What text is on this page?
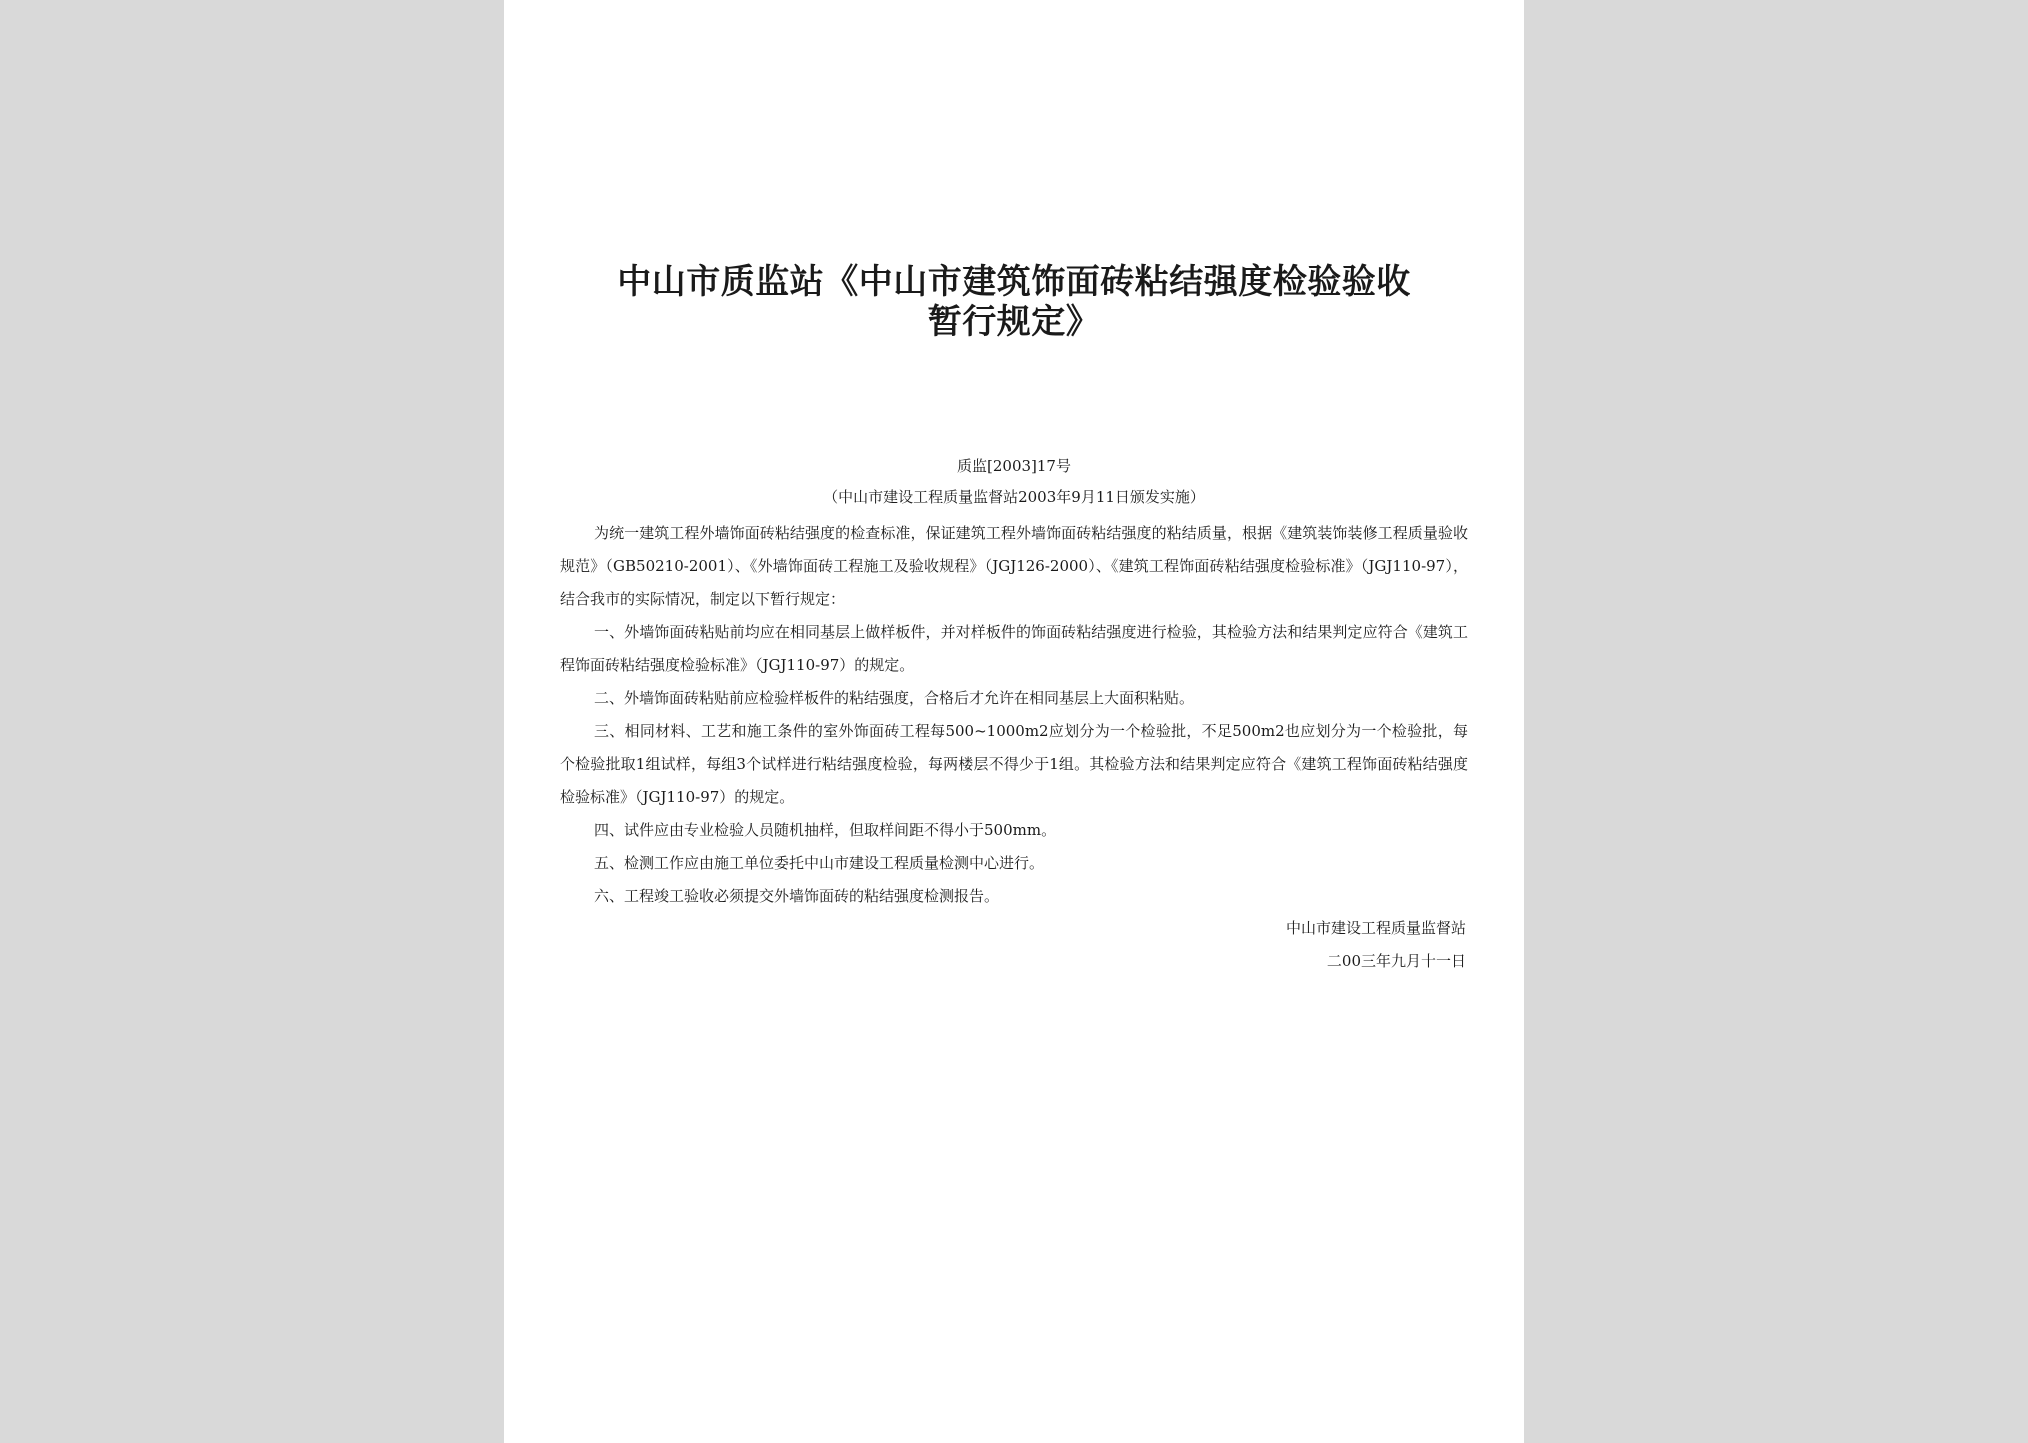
中山市质监站《中山市建筑饰面砖粘结强度检验验收
暂行规定》
质监[2003]17号
（中山市建设工程质量监督站2003年9月11日颁发实施）

为统一建筑工程外墙饰面砖粘结强度的检查标准，保证建筑工程外墙饰面砖粘结强度的粘结质量，根据《建筑装饰装修工程质量验收规范》（GB50210-2001）、《外墙饰面砖工程施工及验收规程》（JGJ126-2000）、《建筑工程饰面砖粘结强度检验标准》（JGJ110-97），结合我市的实际情况，制定以下暂行规定：

一、外墙饰面砖粘贴前均应在相同基层上做样板件，并对样板件的饰面砖粘结强度进行检验，其检验方法和结果判定应符合《建筑工程饰面砖粘结强度检验标准》（JGJ110-97）的规定。

二、外墙饰面砖粘贴前应检验样板件的粘结强度，合格后才允许在相同基层上大面积粘贴。

三、相同材料、工艺和施工条件的室外饰面砖工程每500~1000m2应划分为一个检验批，不足500m2也应划分为一个检验批，每个检验批取1组试样，每组3个试样进行粘结强度检验，每两楼层不得少于1组。其检验方法和结果判定应符合《建筑工程饰面砖粘结强度检验标准》（JGJ110-97）的规定。

四、试件应由专业检验人员随机抽样，但取样间距不得小于500mm。

五、检测工作应由施工单位委托中山市建设工程质量检测中心进行。

六、工程竣工验收必须提交外墙饰面砖的粘结强度检测报告。

中山市建设工程质量监督站
二00三年九月十一日
